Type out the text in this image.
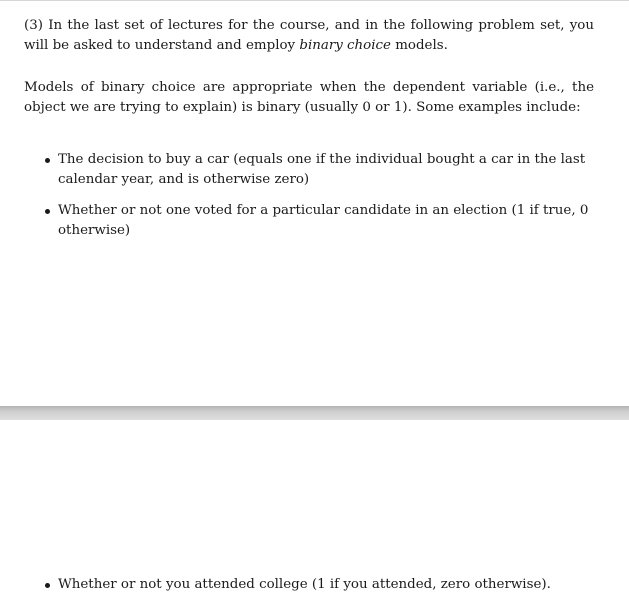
(3) In the last set of lectures for the course, and in the following problem set, you will be asked to understand and employ binary choice models.

Models of binary choice are appropriate when the dependent variable (i.e., the object we are trying to explain) is binary (usually 0 or 1). Some examples include:

The decision to buy a car (equals one if the individual bought a car in the last calendar year, and is otherwise zero)

Whether or not one voted for a particular candidate in an election (1 if true, 0 otherwise)

Whether or not you attended college (1 if you attended, zero otherwise).
